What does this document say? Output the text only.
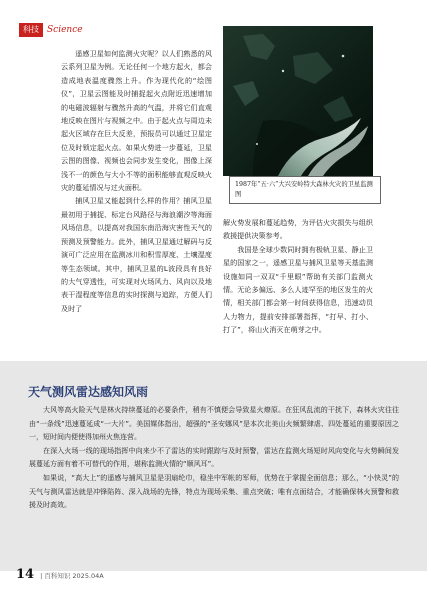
科技 Science

遥感卫星如何监测火灾呢？以人们熟悉的风云系列卫星为例。无论任何一个地方起火，都会造成地表温度骤然上升。作为现代化的“绘图仪”，卫星云图能及时捕捉起火点附近迅速增加的电磁波辐射与骤然升高的气温，并将它们直观地反映在图片与视频之中。由于起火点与周边未起火区域存在巨大反差，预报员可以通过卫星定位及时锁定起火点。如果火势进一步蔓延，卫星云图的图像、视频也会同步发生变化，图像上深浅不一的颜色与大小不等的面积能够直观反映火灾的蔓延情况与过火面积。

捕风卫星又能起到什么样的作用？捕风卫星最初用于捕捉、标定台风路径与海浪潮汐等海面风场信息，以提高对我国东南沿海灾害性天气的预测及预警能力。此外，捕风卫星通过解码与反演可广泛应用在监测冰川和积雪厚度、土壤湿度等生态领域。其中，捕风卫星的L波段具有良好的大气穿透性，可实现对火场风力、风向以及地表干湿程度等信息的实时探测与追踪，方便人们及时了

1987年“五·六”大兴安岭特大森林火灾的卫星监测图

解火势发展和蔓延趋势，为评估火灾损失与组织救援提供决策参考。

我国是全球少数同时拥有极轨卫星、静止卫星的国家之一，遥感卫星与捕风卫星等天基监测设施如同一双双“千里眼”帮助有关部门监测火情。无论多偏远、多么人迹罕至的地区发生的火情，相关部门都会第一时间获得信息，迅速动员人力物力，提前安排部署指挥，“打早、打小、打了”，将山火消灭在萌芽之中。

天气测风雷达感知风雨

大风等高火险天气是林火持续蔓延的必要条件，稍有不慎便会导致星火燎原。在狂风乱流的干扰下，森林火灾往往由“一条线”迅速蔓延成“一大片”。美国媒体指出，超强的“圣安娜风”是本次北美山火频繁肆虐、四处蔓延的重要原因之一，短时间内便使得加州火焦连营。

在深入火场一线的现场指挥中向来少不了雷达的实时跟踪与及时预警，雷达在监测火场短时风向变化与火势瞬间发展蔓延方面有着不可替代的作用，堪称监测火情的“顺风耳”。

如果说，“高大上”的遥感与捕风卫星是羽扇纶巾，稳坐中军帐的军师，优势在于掌握全面信息；那么，“小快灵”的天气与测风雷达就是冲锋陷阵、深入战场的先锋，特点为现场采集、重点突破；唯有点面结合，才能确保林火预警和救援及时高效。

14 | 百科知识 2025.04A
